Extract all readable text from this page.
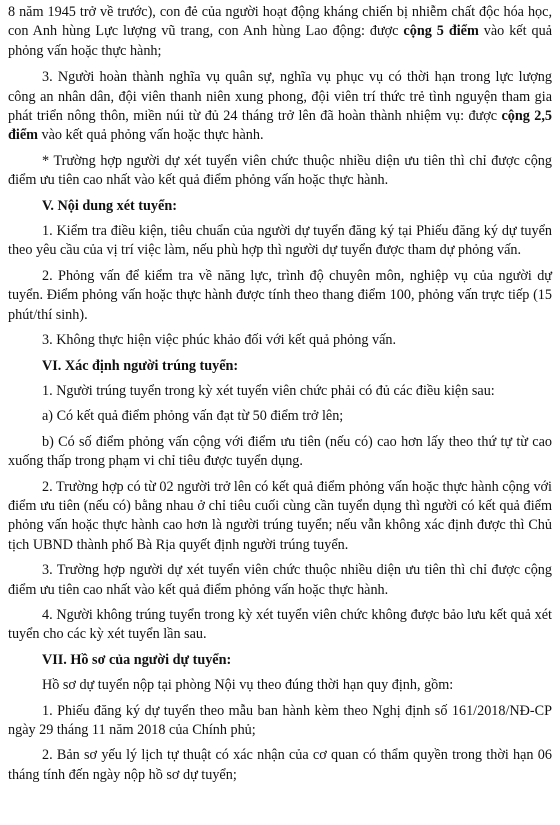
8 năm 1945 trở về trước), con đẻ của người hoạt động kháng chiến bị nhiễm chất độc hóa học, con Anh hùng Lực lượng vũ trang, con Anh hùng Lao động: được cộng 5 điểm vào kết quả phỏng vấn hoặc thực hành;

3. Người hoàn thành nghĩa vụ quân sự, nghĩa vụ phục vụ có thời hạn trong lực lượng công an nhân dân, đội viên thanh niên xung phong, đội viên trí thức trẻ tình nguyện tham gia phát triển nông thôn, miền núi từ đủ 24 tháng trở lên đã hoàn thành nhiệm vụ: được cộng 2,5 điểm vào kết quả phỏng vấn hoặc thực hành.

* Trường hợp người dự xét tuyển viên chức thuộc nhiều diện ưu tiên thì chỉ được cộng điểm ưu tiên cao nhất vào kết quả điểm phỏng vấn hoặc thực hành.

V. Nội dung xét tuyển:

1. Kiểm tra điều kiện, tiêu chuẩn của người dự tuyển đăng ký tại Phiếu đăng ký dự tuyển theo yêu cầu của vị trí việc làm, nếu phù hợp thì người dự tuyển được tham dự phỏng vấn.

2. Phỏng vấn để kiểm tra về năng lực, trình độ chuyên môn, nghiệp vụ của người dự tuyển. Điểm phỏng vấn hoặc thực hành được tính theo thang điểm 100, phỏng vấn trực tiếp (15 phút/thí sinh).

3. Không thực hiện việc phúc khảo đối với kết quả phỏng vấn.

VI. Xác định người trúng tuyển:

1. Người trúng tuyển trong kỳ xét tuyển viên chức phải có đủ các điều kiện sau:

a) Có kết quả điểm phỏng vấn đạt từ 50 điểm trở lên;

b) Có số điểm phỏng vấn cộng với điểm ưu tiên (nếu có) cao hơn lấy theo thứ tự từ cao xuống thấp trong phạm vi chỉ tiêu được tuyển dụng.

2. Trường hợp có từ 02 người trở lên có kết quả điểm phỏng vấn hoặc thực hành cộng với điểm ưu tiên (nếu có) bằng nhau ở chỉ tiêu cuối cùng cần tuyển dụng thì người có kết quả điểm phỏng vấn hoặc thực hành cao hơn là người trúng tuyển; nếu vẫn không xác định được thì Chủ tịch UBND thành phố Bà Rịa quyết định người trúng tuyển.

3. Trường hợp người dự xét tuyển viên chức thuộc nhiều diện ưu tiên thì chỉ được cộng điểm ưu tiên cao nhất vào kết quả điểm phỏng vấn hoặc thực hành.

4. Người không trúng tuyển trong kỳ xét tuyển viên chức không được bảo lưu kết quả xét tuyển cho các kỳ xét tuyển lần sau.

VII. Hồ sơ của người dự tuyển:

Hồ sơ dự tuyển nộp tại phòng Nội vụ theo đúng thời hạn quy định, gồm:

1. Phiếu đăng ký dự tuyển theo mẫu ban hành kèm theo Nghị định số 161/2018/NĐ-CP ngày 29 tháng 11 năm 2018 của Chính phủ;

2. Bản sơ yếu lý lịch tự thuật có xác nhận của cơ quan có thẩm quyền trong thời hạn 06 tháng tính đến ngày nộp hồ sơ dự tuyển;
